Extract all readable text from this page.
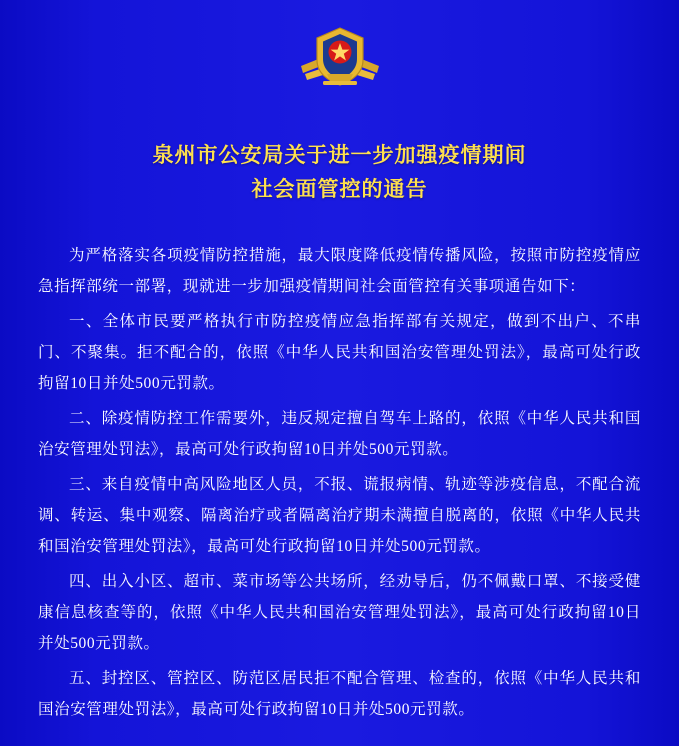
泉州市公安局关于进一步加强疫情期间
社会面管控的通告

为严格落实各项疫情防控措施，最大限度降低疫情传播风险，按照市防控疫情应急指挥部统一部署，现就进一步加强疫情期间社会面管控有关事项通告如下：

一、全体市民要严格执行市防控疫情应急指挥部有关规定，做到不出户、不串门、不聚集。拒不配合的，依照《中华人民共和国治安管理处罚法》，最高可处行政拘留10日并处500元罚款。

二、除疫情防控工作需要外，违反规定擅自驾车上路的，依照《中华人民共和国治安管理处罚法》，最高可处行政拘留10日并处500元罚款。

三、来自疫情中高风险地区人员，不报、谎报病情、轨迹等涉疫信息，不配合流调、转运、集中观察、隔离治疗或者隔离治疗期未满擅自脱离的，依照《中华人民共和国治安管理处罚法》，最高可处行政拘留10日并处500元罚款。

四、出入小区、超市、菜市场等公共场所，经劝导后，仍不佩戴口罩、不接受健康信息核查等的，依照《中华人民共和国治安管理处罚法》，最高可处行政拘留10日并处500元罚款。

五、封控区、管控区、防范区居民拒不配合管理、检查的，依照《中华人民共和国治安管理处罚法》，最高可处行政拘留10日并处500元罚款。
